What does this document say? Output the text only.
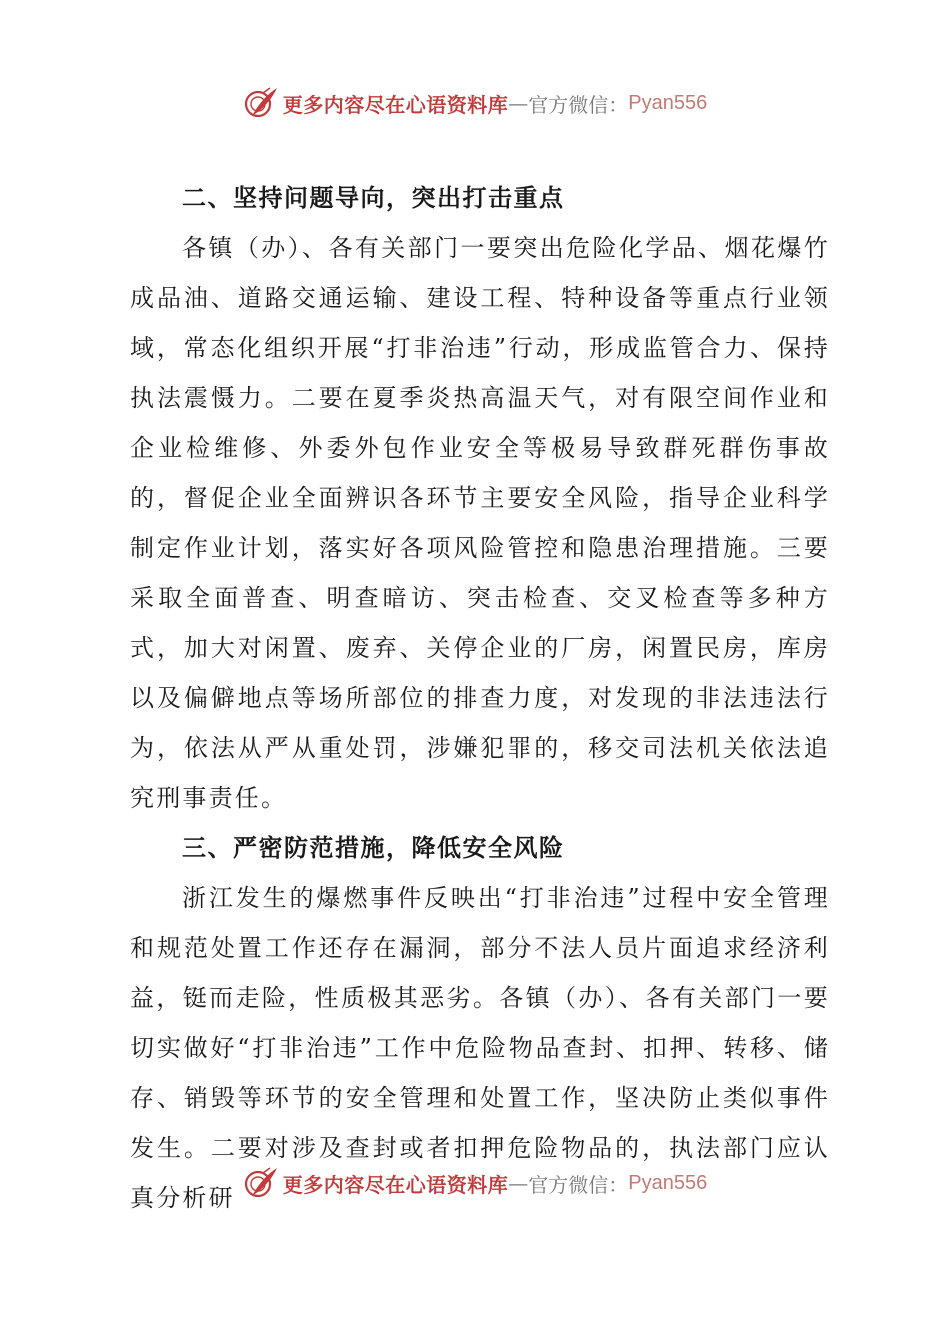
更多内容尽在心语资料库 — 官方微信： Pyan556
二、坚持问题导向，突出打击重点

各镇（办）、各有关部门一要突出危险化学品、烟花爆竹成品油、道路交通运输、建设工程、特种设备等重点行业领域，常态化组织开展“打非治违”行动，形成监管合力、保持执法震慑力。二要在夏季炎热高温天气，对有限空间作业和企业检维修、外委外包作业安全等极易导致群死群伤事故的，督促企业全面辨识各环节主要安全风险，指导企业科学制定作业计划，落实好各项风险管控和隐患治理措施。三要采取全面普查、明查暗访、突击检查、交叉检查等多种方式，加大对闲置、废弃、关停企业的厂房，闲置民房，库房以及偏僻地点等场所部位的排查力度，对发现的非法违法行为，依法从严从重处罚，涉嫌犯罪的，移交司法机关依法追究刑事责任。

三、严密防范措施，降低安全风险

浙江发生的爆燃事件反映出“打非治违”过程中安全管理和规范处置工作还存在漏洞，部分不法人员片面追求经济利益，铤而走险，性质极其恶劣。各镇（办）、各有关部门一要切实做好“打非治违”工作中危险物品查封、扣押、转移、储存、销毁等环节的安全管理和处置工作，坚决防止类似事件发生。二要对涉及查封或者扣押危险物品的，执法部门应认真分析研	更多内容尽在心语资料库 — 官方微信： Pyan556
